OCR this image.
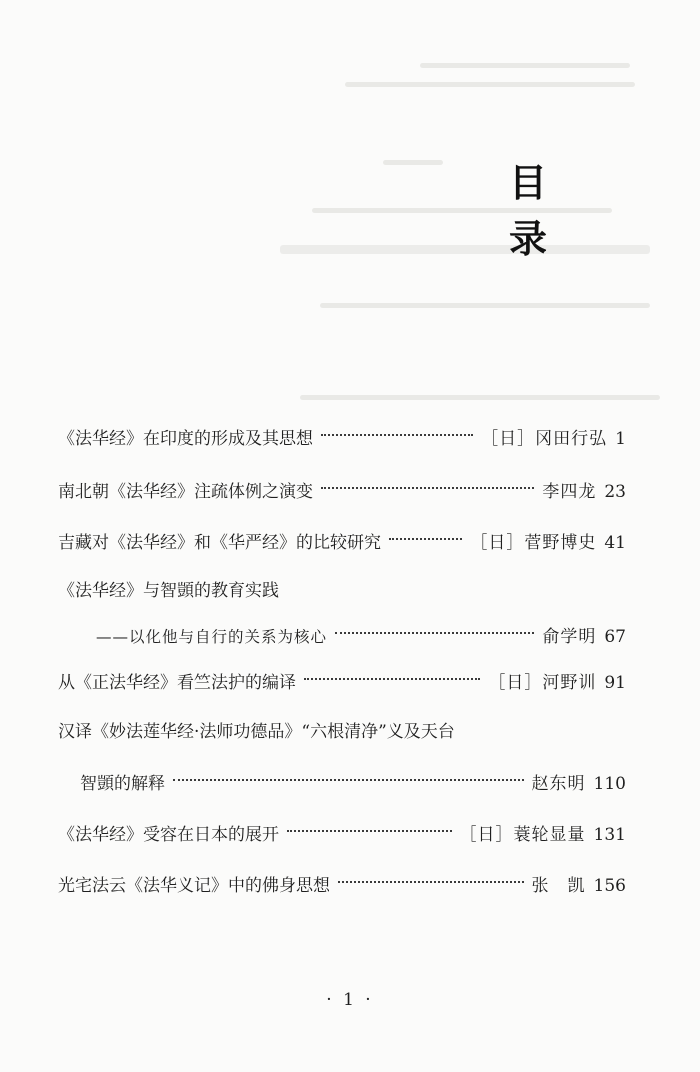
目
录
《法华经》在印度的形成及其思想	［日］冈田行弘 1
南北朝《法华经》注疏体例之演变	李四龙 23
吉藏对《法华经》和《华严经》的比较研究	［日］菅野博史 41
《法华经》与智顗的教育实践
——以化他与自行的关系为核心	俞学明 67
从《正法华经》看竺法护的编译	［日］河野训 91
汉译《妙法莲华经·法师功德品》“六根清净”义及天台
智顗的解释	赵东明 110
《法华经》受容在日本的展开	［日］蓑轮显量 131
光宅法云《法华义记》中的佛身思想	张　凯 156
· 1 ·
